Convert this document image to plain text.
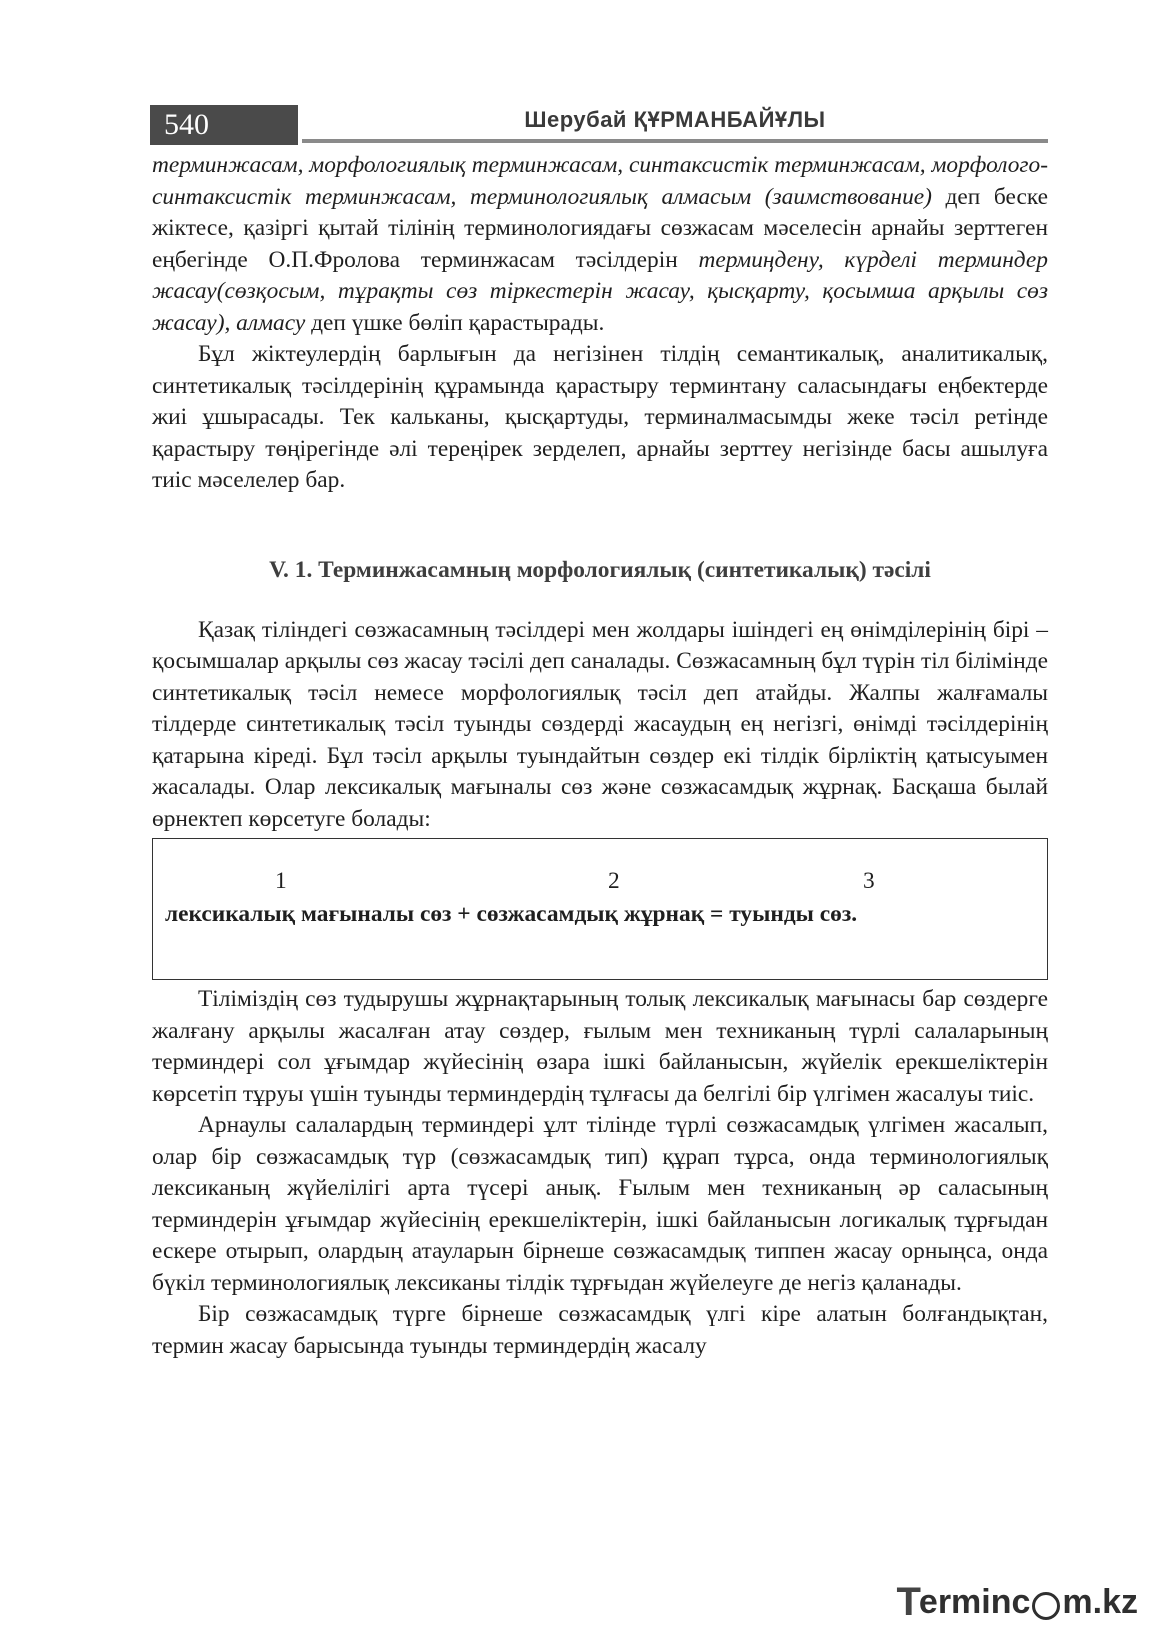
540	Шерубай ҚҰРМАНБАЙҰЛЫ

терминжасам, морфологиялық терминжасам, синтаксистік терминжасам, морфолого-синтаксистік терминжасам, терминологиялық алмасым (заимствование) деп беске жіктесе, қазіргі қытай тілінің терминологиядағы сөзжасам мәселесін арнайы зерттеген еңбегінде О.П.Фролова терминжасам тәсілдерін термиңдену, күрделі терминдер жасау(сөзқосым, тұрақты сөз тіркестерін жасау, қысқарту, қосымша арқылы сөз жасау), алмасу деп үшке бөліп қарастырады.

Бұл жіктеулердің барлығын да негізінен тілдің семантикалық, аналитикалық, синтетикалық тәсілдерінің құрамында қарастыру терминтану саласындағы еңбектерде жиі ұшырасады. Тек кальканы, қысқартуды, терминалмасымды жеке тәсіл ретінде қарастыру төңірегінде әлі тереңірек зерделеп, арнайы зерттеу негізінде басы ашылуға тиіс мәселелер бар.

V. 1. Терминжасамның морфологиялық (синтетикалық) тәсілі

Қазақ тіліндегі сөзжасамның тәсілдері мен жолдары ішіндегі ең өнімділерінің бірі – қосымшалар арқылы сөз жасау тәсілі деп саналады. Сөзжасамның бұл түрін тіл білімінде синтетикалық тәсіл немесе морфологиялық тәсіл деп атайды. Жалпы жалғамалы тілдерде синтетикалық тәсіл туынды сөздерді жасаудың ең негізгі, өнімді тәсілдерінің қатарына кіреді. Бұл тәсіл арқылы туындайтын сөздер екі тілдік бірліктің қатысуымен жасалады. Олар лексикалық мағыналы сөз және сөзжасамдық жұрнақ. Басқаша былай өрнектеп көрсетуге болады:

1	2	3
лексикалық мағыналы сөз + сөзжасамдық жұрнақ = туынды сөз.

Тіліміздің сөз тудырушы жұрнақтарының толық лексикалық мағынасы бар сөздерге жалғану арқылы жасалған атау сөздер, ғылым мен техниканың түрлі салаларының терминдері сол ұғымдар жүйесінің өзара ішкі байланысын, жүйелік ерекшеліктерін көрсетіп тұруы үшін туынды терминдердің тұлғасы да белгілі бір үлгімен жасалуы тиіс.

Арнаулы салалардың терминдері ұлт тілінде түрлі сөзжасамдық үлгімен жасалып, олар бір сөзжасамдық түр (сөзжасамдық тип) құрап тұрса, онда терминологиялық лексиканың жүйелілігі арта түсері анық. Ғылым мен техниканың әр саласының терминдерін ұғымдар жүйесінің ерекшеліктерін, ішкі байланысын логикалық тұрғыдан ескере отырып, олардың атауларын бірнеше сөзжасамдық типпен жасау орныңса, онда бүкіл терминологиялық лексиканы тілдік тұрғыдан жүйелеуге де негіз қаланады.

Бір сөзжасамдық түрге бірнеше сөзжасамдық үлгі кіре алатын болғандықтан, термин жасау барысында туынды терминдердің жасалу

T
erminc m.kz
